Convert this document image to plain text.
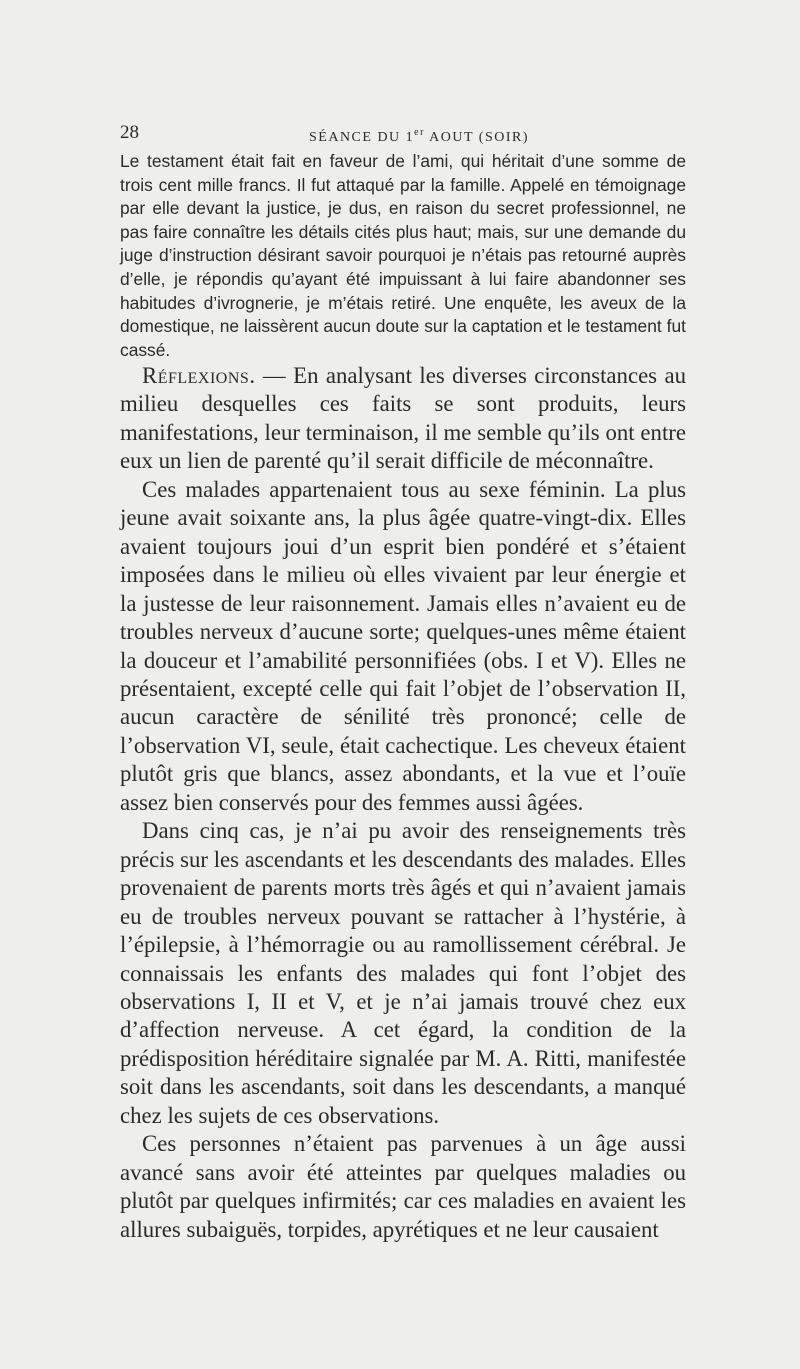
28	SÉANCE DU 1er AOUT (SOIR)

Le testament était fait en faveur de l’ami, qui héritait d’une somme de trois cent mille francs. Il fut attaqué par la famille. Appelé en témoignage par elle devant la justice, je dus, en raison du secret professionnel, ne pas faire connaître les détails cités plus haut; mais, sur une demande du juge d’instruction désirant savoir pourquoi je n’étais pas retourné auprès d’elle, je répondis qu’ayant été impuissant à lui faire abandonner ses habitudes d’ivrognerie, je m’étais retiré. Une enquête, les aveux de la domestique, ne laissèrent aucun doute sur la captation et le testament fut cassé.

Réflexions. — En analysant les diverses circonstances au milieu desquelles ces faits se sont produits, leurs manifestations, leur terminaison, il me semble qu’ils ont entre eux un lien de parenté qu’il serait difficile de méconnaître.

Ces malades appartenaient tous au sexe féminin. La plus jeune avait soixante ans, la plus âgée quatre-vingt-dix. Elles avaient toujours joui d’un esprit bien pondéré et s’étaient imposées dans le milieu où elles vivaient par leur énergie et la justesse de leur raisonnement. Jamais elles n’avaient eu de troubles nerveux d’aucune sorte; quelques-unes même étaient la douceur et l’amabilité personnifiées (obs. I et V). Elles ne présentaient, excepté celle qui fait l’objet de l’observation II, aucun caractère de sénilité très prononcé; celle de l’observation VI, seule, était cachectique. Les cheveux étaient plutôt gris que blancs, assez abondants, et la vue et l’ouïe assez bien conservés pour des femmes aussi âgées.

Dans cinq cas, je n’ai pu avoir des renseignements très précis sur les ascendants et les descendants des malades. Elles provenaient de parents morts très âgés et qui n’avaient jamais eu de troubles nerveux pouvant se rattacher à l’hystérie, à l’épilepsie, à l’hémorragie ou au ramollissement cérébral. Je connaissais les enfants des malades qui font l’objet des observations I, II et V, et je n’ai jamais trouvé chez eux d’affection nerveuse. A cet égard, la condition de la prédisposition héréditaire signalée par M. A. Ritti, manifestée soit dans les ascendants, soit dans les descendants, a manqué chez les sujets de ces observations.

Ces personnes n’étaient pas parvenues à un âge aussi avancé sans avoir été atteintes par quelques maladies ou plutôt par quelques infirmités; car ces maladies en avaient les allures subaiguës, torpides, apyrétiques et ne leur causaient
